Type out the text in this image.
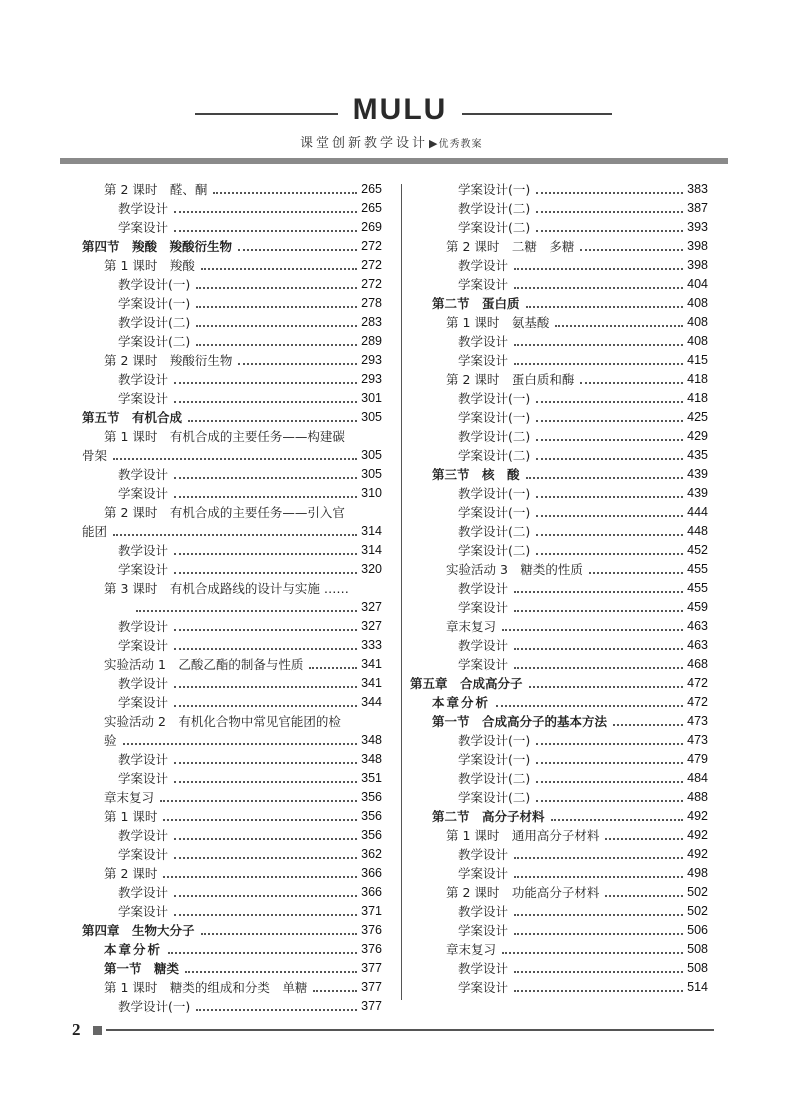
MULU
课堂创新教学设计▶优秀教案
第 2 课时　醛、酮	265
教学设计	265
学案设计	269
第四节　羧酸　羧酸衍生物	272
第 1 课时　羧酸	272
教学设计(一)	272
学案设计(一)	278
教学设计(二)	283
学案设计(二)	289
第 2 课时　羧酸衍生物	293
教学设计	293
学案设计	301
第五节　有机合成	305
第 1 课时　有机合成的主要任务——构建碳
骨架	305
教学设计	305
学案设计	310
第 2 课时　有机合成的主要任务——引入官
能团	314
教学设计	314
学案设计	320
第 3 课时　有机合成路线的设计与实施 ……
327
教学设计	327
学案设计	333
实验活动 1　乙酸乙酯的制备与性质	341
教学设计	341
学案设计	344
实验活动 2　有机化合物中常见官能团的检
验	348
教学设计	348
学案设计	351
章末复习	356
第 1 课时	356
教学设计	356
学案设计	362
第 2 课时	366
教学设计	366
学案设计	371
第四章　生物大分子	376
本章分析	376
第一节　糖类	377
第 1 课时　糖类的组成和分类　单糖	377
教学设计(一)	377
学案设计(一)	383
教学设计(二)	387
学案设计(二)	393
第 2 课时　二糖　多糖	398
教学设计	398
学案设计	404
第二节　蛋白质	408
第 1 课时　氨基酸	408
教学设计	408
学案设计	415
第 2 课时　蛋白质和酶	418
教学设计(一)	418
学案设计(一)	425
教学设计(二)	429
学案设计(二)	435
第三节　核　酸	439
教学设计(一)	439
学案设计(一)	444
教学设计(二)	448
学案设计(二)	452
实验活动 3　糖类的性质	455
教学设计	455
学案设计	459
章末复习	463
教学设计	463
学案设计	468
第五章　合成高分子	472
本章分析	472
第一节　合成高分子的基本方法	473
教学设计(一)	473
学案设计(一)	479
教学设计(二)	484
学案设计(二)	488
第二节　高分子材料	492
第 1 课时　通用高分子材料	492
教学设计	492
学案设计	498
第 2 课时　功能高分子材料	502
教学设计	502
学案设计	506
章末复习	508
教学设计	508
学案设计	514
2
